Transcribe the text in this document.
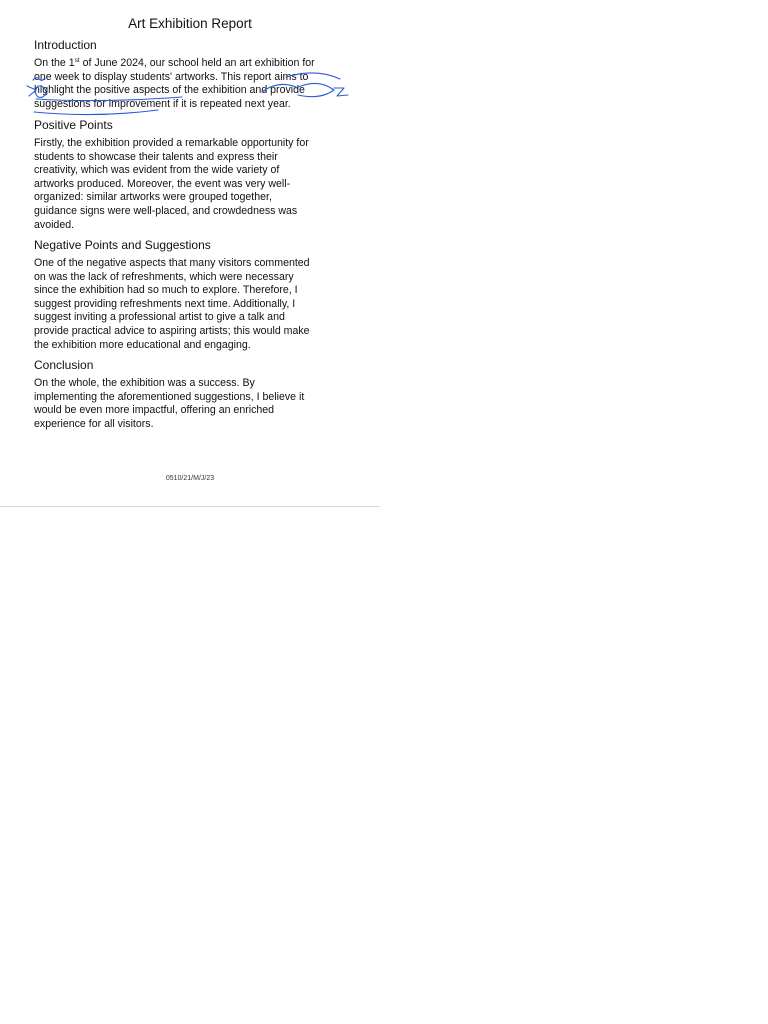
Art Exhibition Report
Introduction

On the 1st of June 2024, our school held an art exhibition for
one week to display students' artworks. This report aims to
highlight the positive aspects of the exhibition and provide
suggestions for improvement if it is repeated next year.

Positive Points

Firstly, the exhibition provided a remarkable opportunity for
students to showcase their talents and express their
creativity, which was evident from the wide variety of
artworks produced. Moreover, the event was very well-
organized: similar artworks were grouped together,
guidance signs were well-placed, and crowdedness was
avoided.

Negative Points and Suggestions

One of the negative aspects that many visitors commented
on was the lack of refreshments, which were necessary
since the exhibition had so much to explore. Therefore, I
suggest providing refreshments next time. Additionally, I
suggest inviting a professional artist to give a talk and
provide practical advice to aspiring artists; this would make
the exhibition more educational and engaging.

Conclusion

On the whole, the exhibition was a success. By
implementing the aforementioned suggestions, I believe it
would be even more impactful, offering an enriched
experience for all visitors.

0510/21/M/J/23
